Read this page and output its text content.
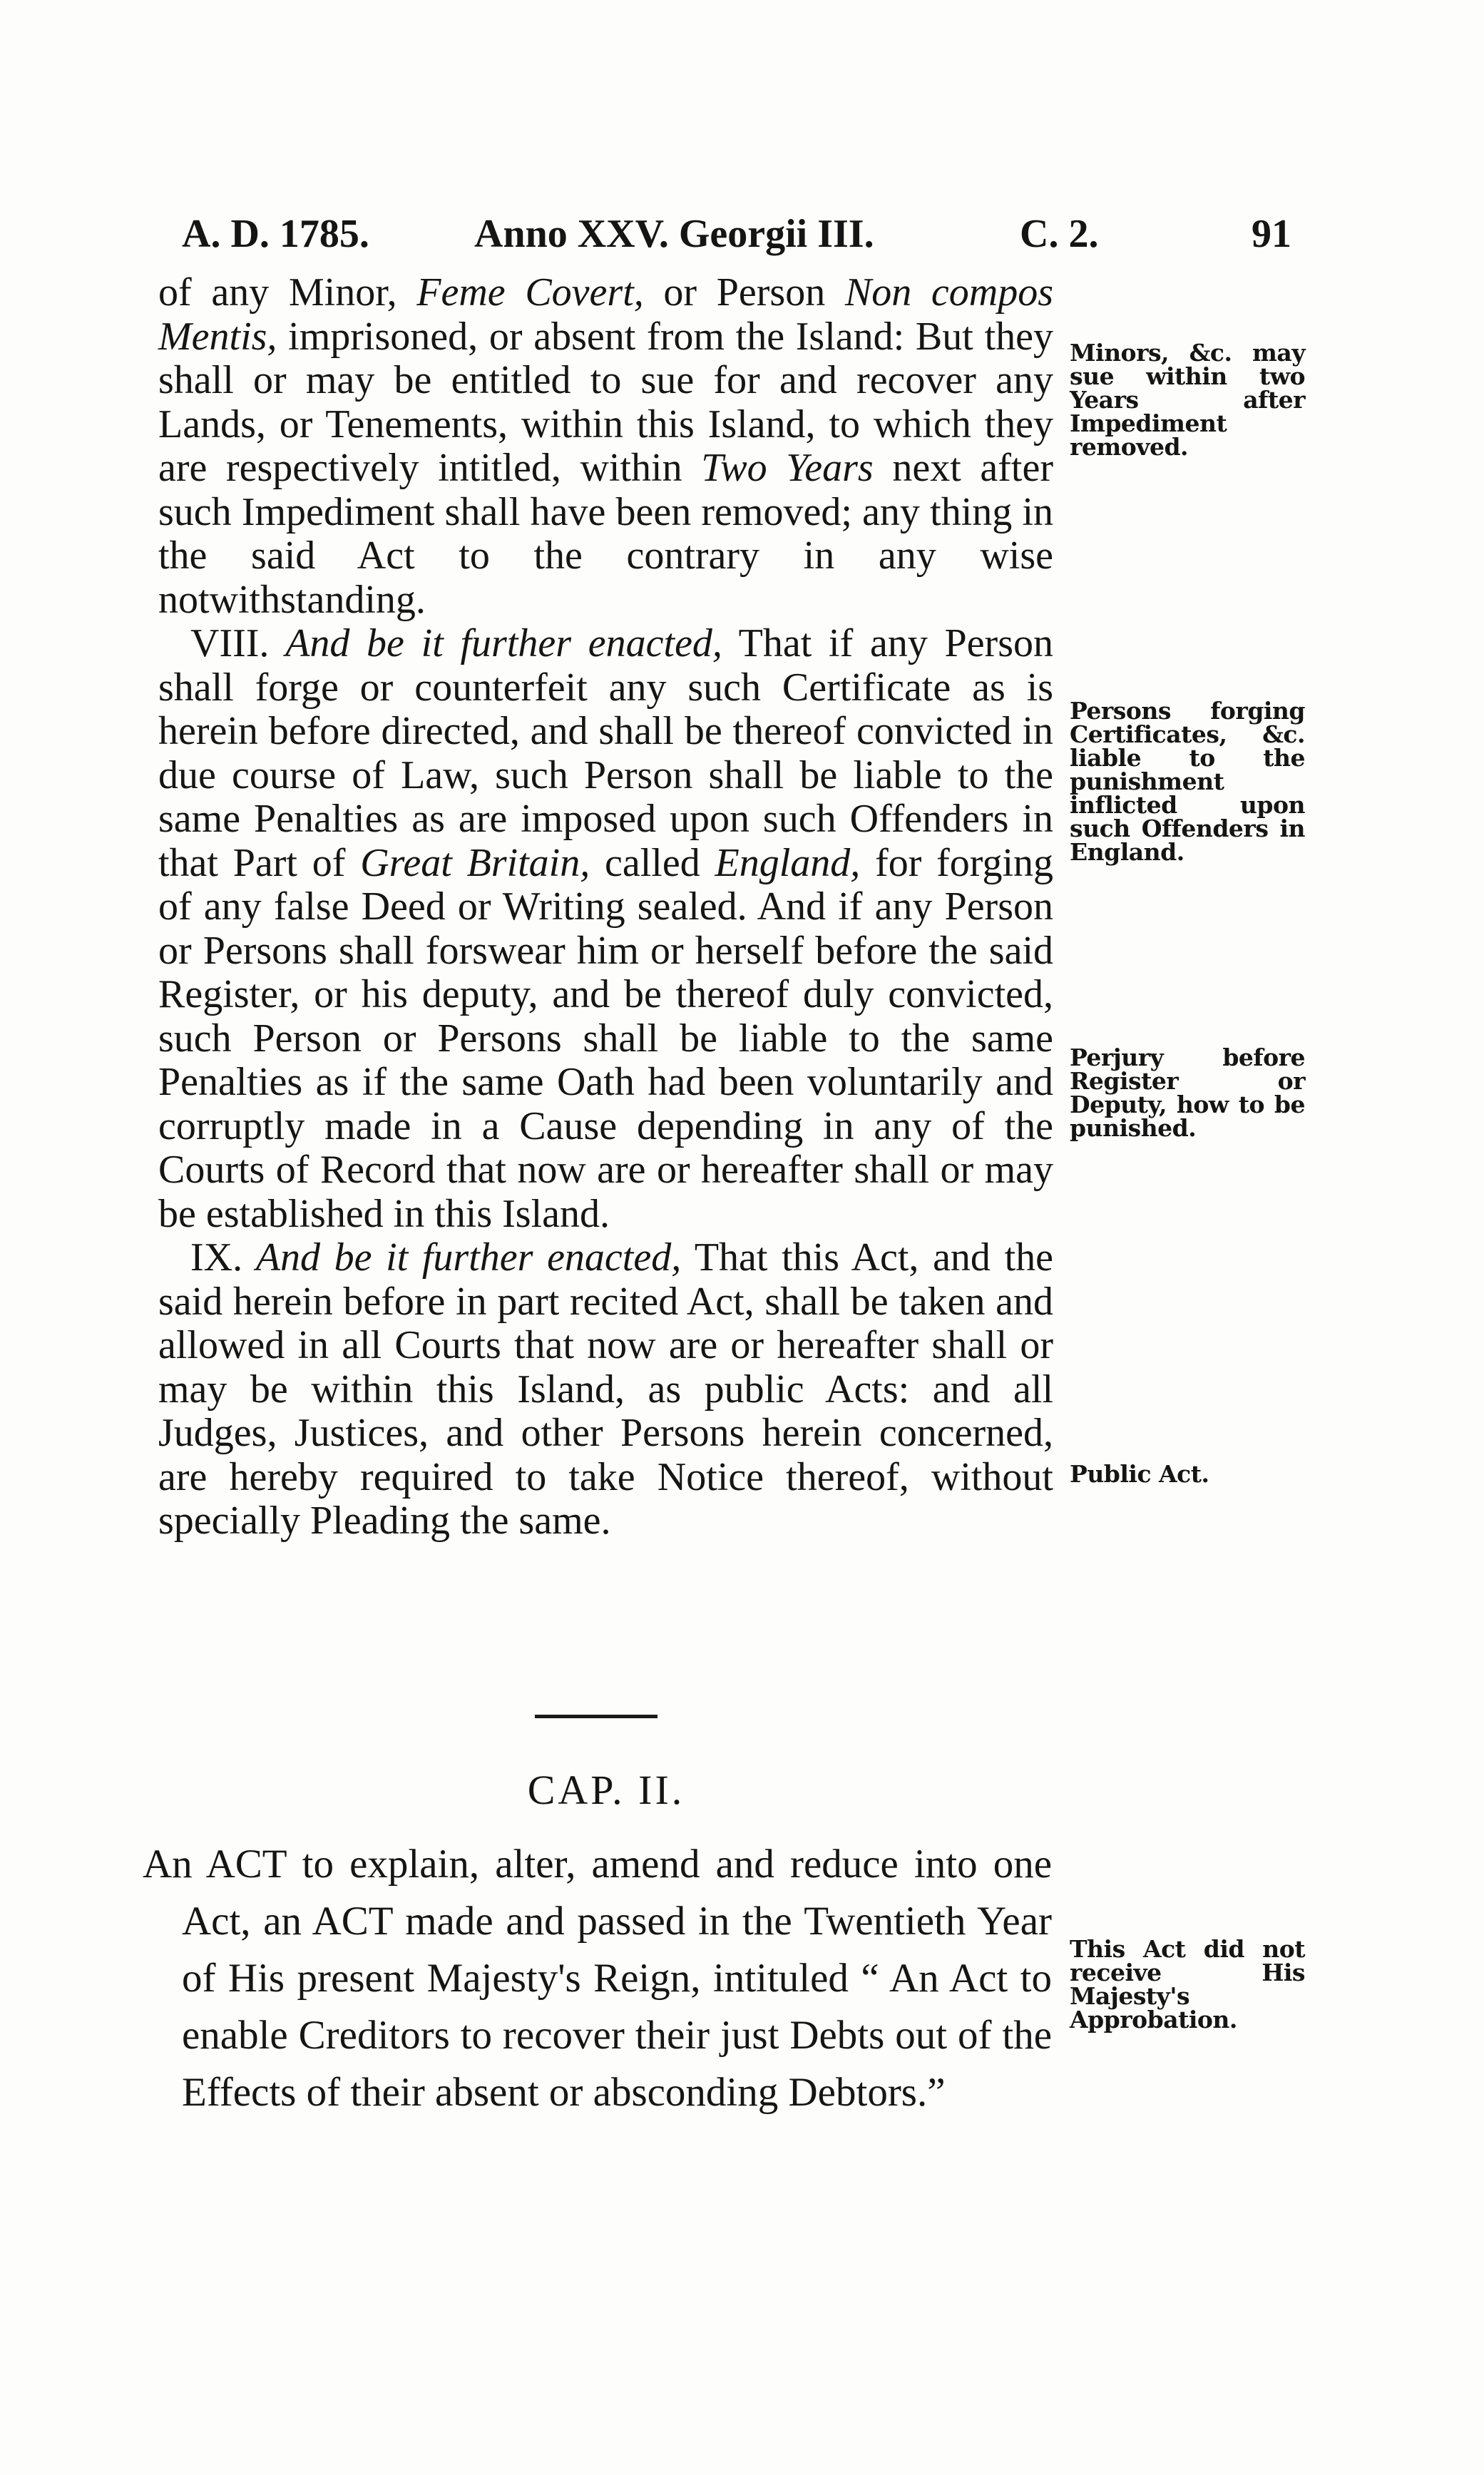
A. D. 1785.	Anno XXV. Georgii III.	C. 2.	91

of any Minor, Feme Covert, or Person Non compos Mentis, imprisoned, or absent from the Island: But they shall or may be entitled to sue for and recover any Lands, or Tenements, within this Island, to which they are respectively intitled, within Two Years next after such Impediment shall have been removed; any thing in the said Act to the contrary in any wise notwithstanding.

VIII. And be it further enacted, That if any Person shall forge or counterfeit any such Certificate as is herein before directed, and shall be thereof convicted in due course of Law, such Person shall be liable to the same Penalties as are imposed upon such Offenders in that Part of Great Britain, called England, for forging of any false Deed or Writing sealed. And if any Person or Persons shall forswear him or herself before the said Register, or his deputy, and be thereof duly convicted, such Person or Persons shall be liable to the same Penalties as if the same Oath had been voluntarily and corruptly made in a Cause depending in any of the Courts of Record that now are or hereafter shall or may be established in this Island.

IX. And be it further enacted, That this Act, and the said herein before in part recited Act, shall be taken and allowed in all Courts that now are or hereafter shall or may be within this Island, as public Acts: and all Judges, Justices, and other Persons herein concerned, are hereby required to take Notice thereof, without specially Pleading the same.

Minors, &c. may sue within two Years after Impediment removed.
Persons forging Certificates, &c. liable to the punishment inflicted upon such Offenders in England.
Perjury before Register or Deputy, how to be punished.
Public Act.
CAP. II.

An ACT to explain, alter, amend and reduce into one Act, an ACT made and passed in the Twentieth Year of His present Majesty's Reign, intituled “ An Act to enable Creditors to recover their just Debts out of the Effects of their absent or absconding Debtors.”

This Act did not receive His Majesty's Approbation.
